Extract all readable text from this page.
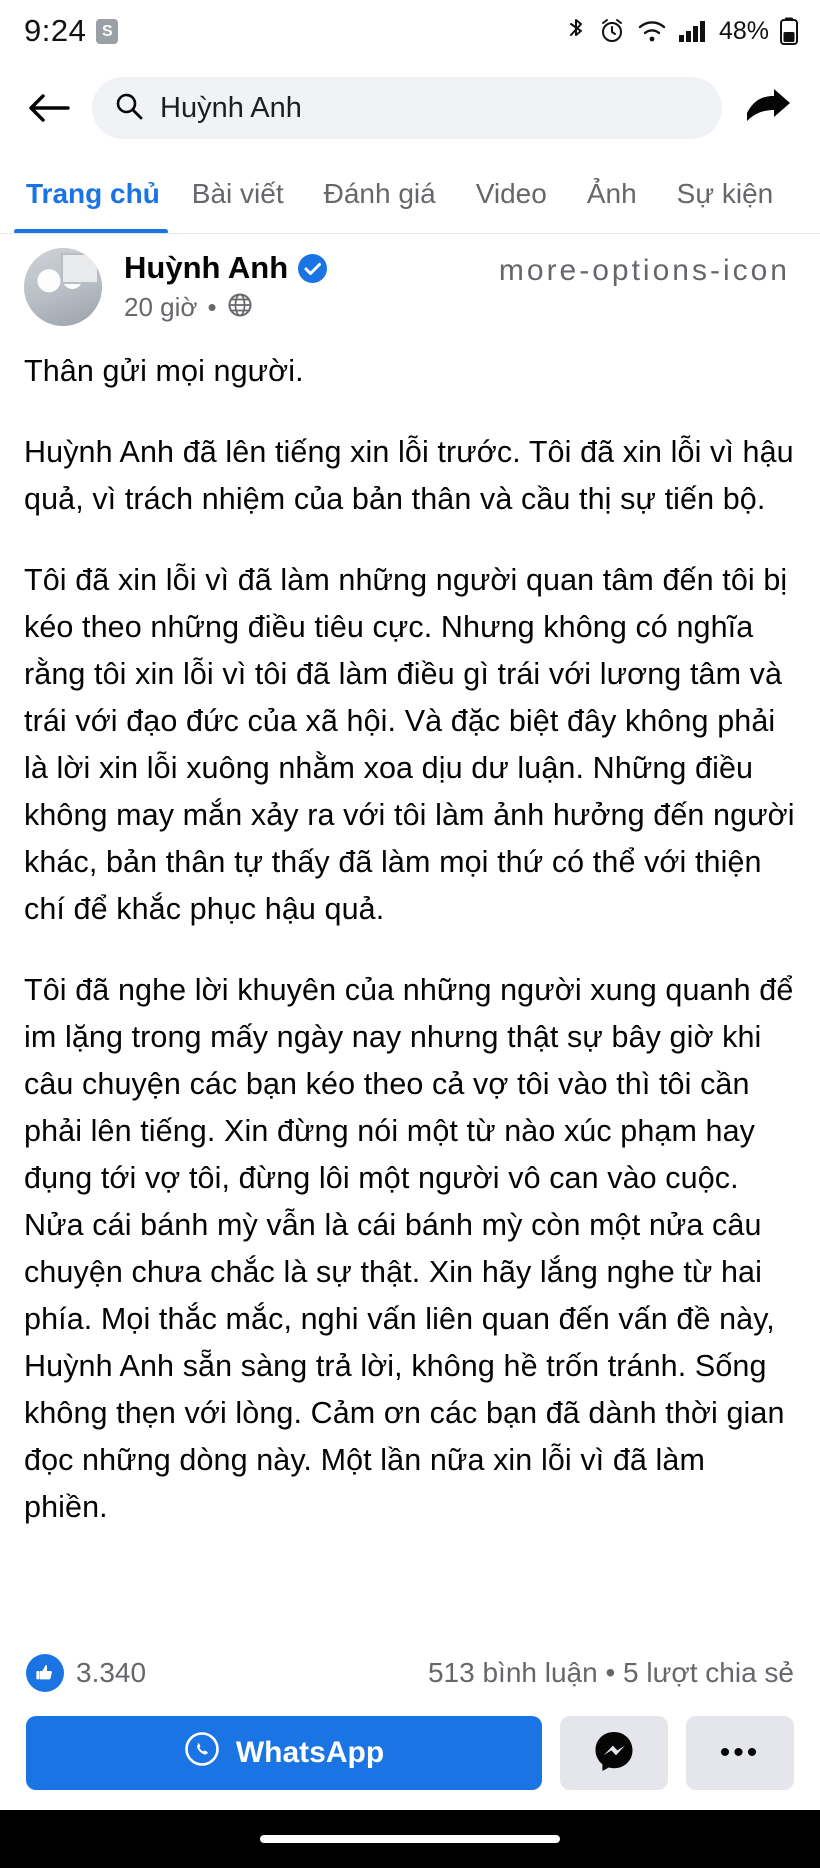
9:24 S	48%
Huỳnh Anh
Trang chủ Bài viết Đánh giá Video Ảnh Sự kiện
Huỳnh Anh
20 giờ •
more-options-icon

Thân gửi mọi người.

Huỳnh Anh đã lên tiếng xin lỗi trước. Tôi đã xin lỗi vì hậu quả, vì trách nhiệm của bản thân và cầu thị sự tiến bộ.

Tôi đã xin lỗi vì đã làm những người quan tâm đến tôi bị kéo theo những điều tiêu cực. Nhưng không có nghĩa rằng tôi xin lỗi vì tôi đã làm điều gì trái với lương tâm và trái với đạo đức của xã hội. Và đặc biệt đây không phải là lời xin lỗi xuông nhằm xoa dịu dư luận. Những điều không may mắn xảy ra với tôi làm ảnh hưởng đến người khác, bản thân tự thấy đã làm mọi thứ có thể với thiện chí để khắc phục hậu quả.

Tôi đã nghe lời khuyên của những người xung quanh để im lặng trong mấy ngày nay nhưng thật sự bây giờ khi câu chuyện các bạn kéo theo cả vợ tôi vào thì tôi cần phải lên tiếng. Xin đừng nói một từ nào xúc phạm hay đụng tới vợ tôi, đừng lôi một người vô can vào cuộc. Nửa cái bánh mỳ vẫn là cái bánh mỳ còn một nửa câu chuyện chưa chắc là sự thật. Xin hãy lắng nghe từ hai phía. Mọi thắc mắc, nghi vấn liên quan đến vấn đề này, Huỳnh Anh sẵn sàng trả lời, không hề trốn tránh. Sống không thẹn với lòng. Cảm ơn các bạn đã dành thời gian đọc những dòng này. Một lần nữa xin lỗi vì đã làm phiền.

3.340	513 bình luận • 5 lượt chia sẻ
WhatsApp	•••
